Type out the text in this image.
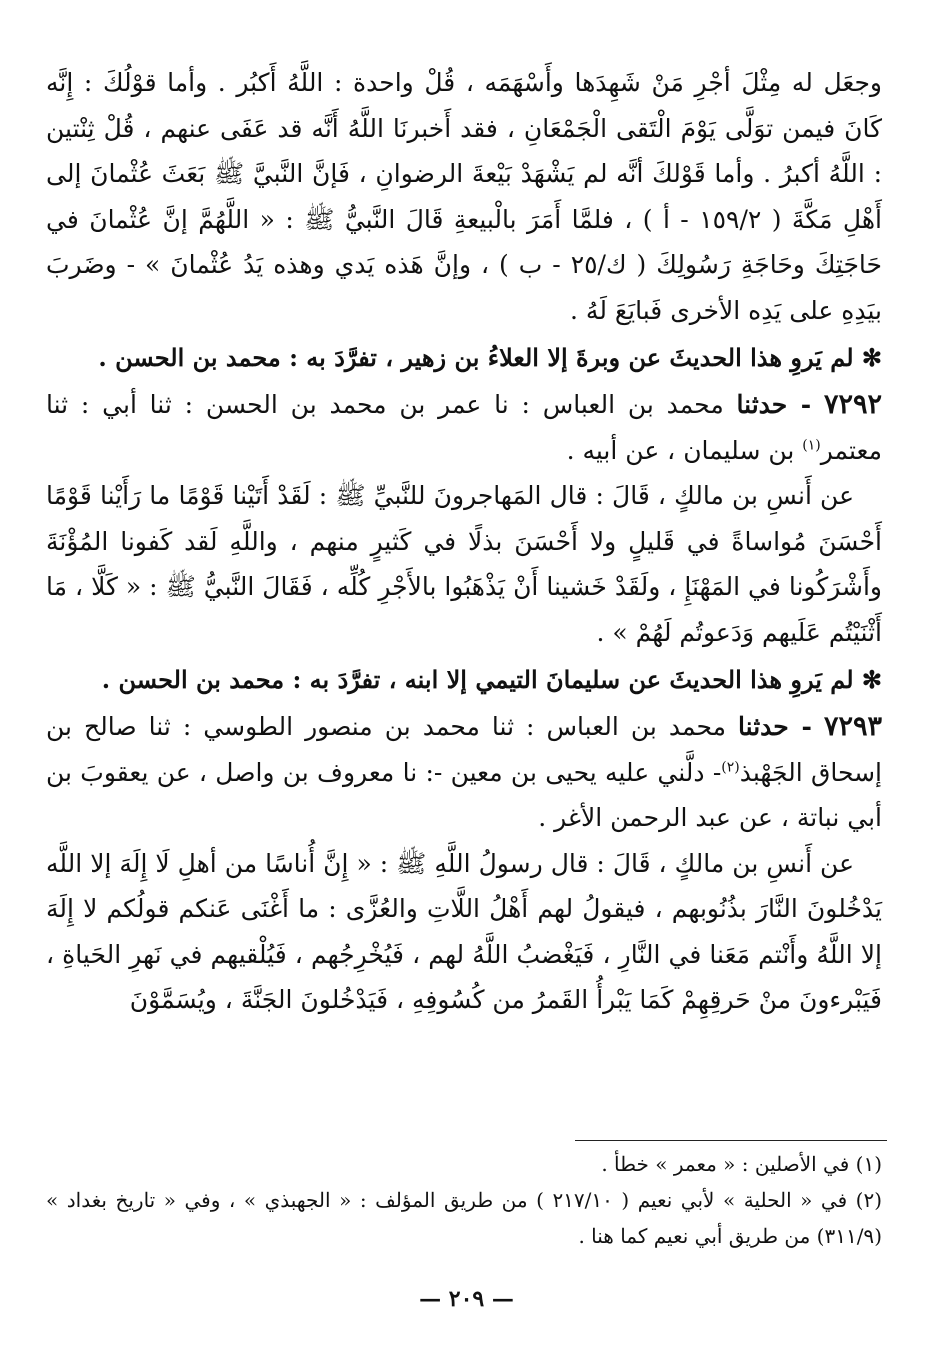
وجعَل له مِثْلَ أجْرِ مَنْ شَهِدَها وأَسْهَمَه ، قُلْ واحدة : اللَّهُ أَكبُر . وأما قوْلُكَ : إِنَّه كَانَ فيمن توَلَّى يَوْمَ الْتَقى الْجَمْعَانِ ، فقد أَخبرنَا اللَّهُ أَنَّه قد عَفَى عنهم ، قُلْ ثِنْتين : اللَّهُ أكبرُ . وأما قَوْلكَ أنَّه لم يَشْهَدْ بَيْعةَ الرضوانِ ، فَإنَّ النَّبيَّ ﷺ بَعَثَ عُثْمانَ إلى أَهْلِ مَكَّةَ ( ١٥٩/٢ - أ ) ، فلمَّا أَمَرَ بالْبيعةِ قَالَ النَّبيُّ ﷺ : « اللَّهُمَّ إنَّ عُثْمانَ في حَاجَتِكَ وحَاجَةِ رَسُولِكَ ( ك/٢٥ - ب ) ، وإنَّ هَذه يَدي وهذه يَدُ عُثْمانَ » - وضَربَ بيَدِهِ على يَدِه الأخرى فَبايَعَ لَهُ .

✻ لم يَروِ هذا الحديثَ عن وبرةَ إلا العلاءُ بن زهير ، تفرَّدَ به : محمد بن الحسن .

٧٢٩٢ - حدثنا محمد بن العباس : نا عمر بن محمد بن الحسن : ثنا أبي : ثنا معتمر$^{(١)}$ بن سليمان ، عن أبيه .

عن أَنسِ بن مالكٍ ، قَالَ : قال المَهاجرونَ للنَّبيِّ ﷺ : لَقَدْ أَتَيْنا قَوْمًا ما رَأَيْنا قَوْمًا أَحْسَنَ مُواساةً في قَليلٍ ولا أَحْسَنَ بذلًا في كَثيرٍ منهم ، واللَّهِ لَقد كَفونا المُؤْنَةَ وأَشْرَكُونا في المَهْنَإِ ، ولَقَدْ خَشينا أَنْ يَذْهَبُوا بالأَجْرِ كُلِّه ، فَقَالَ النَّبيُّ ﷺ : « كَلَّا ، مَا أَثْنَيْتُم عَلَيهم وَدَعوتُم لَهُمْ » .

✻ لم يَروِ هذا الحديثَ عن سليمانَ التيمي إلا ابنه ، تفرَّدَ به : محمد بن الحسن .

٧٢٩٣ - حدثنا محمد بن العباس : ثنا محمد بن منصور الطوسي : ثنا صالح بن إسحاق الجَهْبذ$^{(٢)}$- دلَّني عليه يحيى بن معين -: نا معروف بن واصل ، عن يعقوبَ بن أبي نباتة ، عن عبد الرحمن الأغر .

عن أَنسِ بن مالكٍ ، قَالَ : قال رسولُ اللَّهِ ﷺ : « إِنَّ أُناسًا من أهلِ لَا إِلَهَ إلا اللَّه يَدْخُلونَ النَّارَ بذُنُوبهم ، فيقولُ لهم أَهْلُ اللَّاتِ والعُزَّى : ما أَغْنَى عَنكم قولُكم لا إِلَهَ إلا اللَّهُ وأَنْتم مَعَنا في النَّارِ ، فَيَغْضبُ اللَّهُ لهم ، فَيُخْرِجُهم ، فَيُلْقيهم في نَهرِ الحَياةِ ، فَيَبْرءونَ منْ حَرقِهِمْ كَمَا يَبْرأُ القَمرُ من كُسُوفِهِ ، فَيَدْخُلونَ الجَنَّةَ ، ويُسَمَّوْنَ

(١) في الأصلين : « معمر » خطأ .

(٢) في « الحلية » لأبي نعيم ( ٢١٧/١٠ ) من طريق المؤلف : « الجهبذي » ، وفي « تاريخ بغداد » (٣١١/٩) من طريق أبي نعيم كما هنا .

— ٢٠٩ —
